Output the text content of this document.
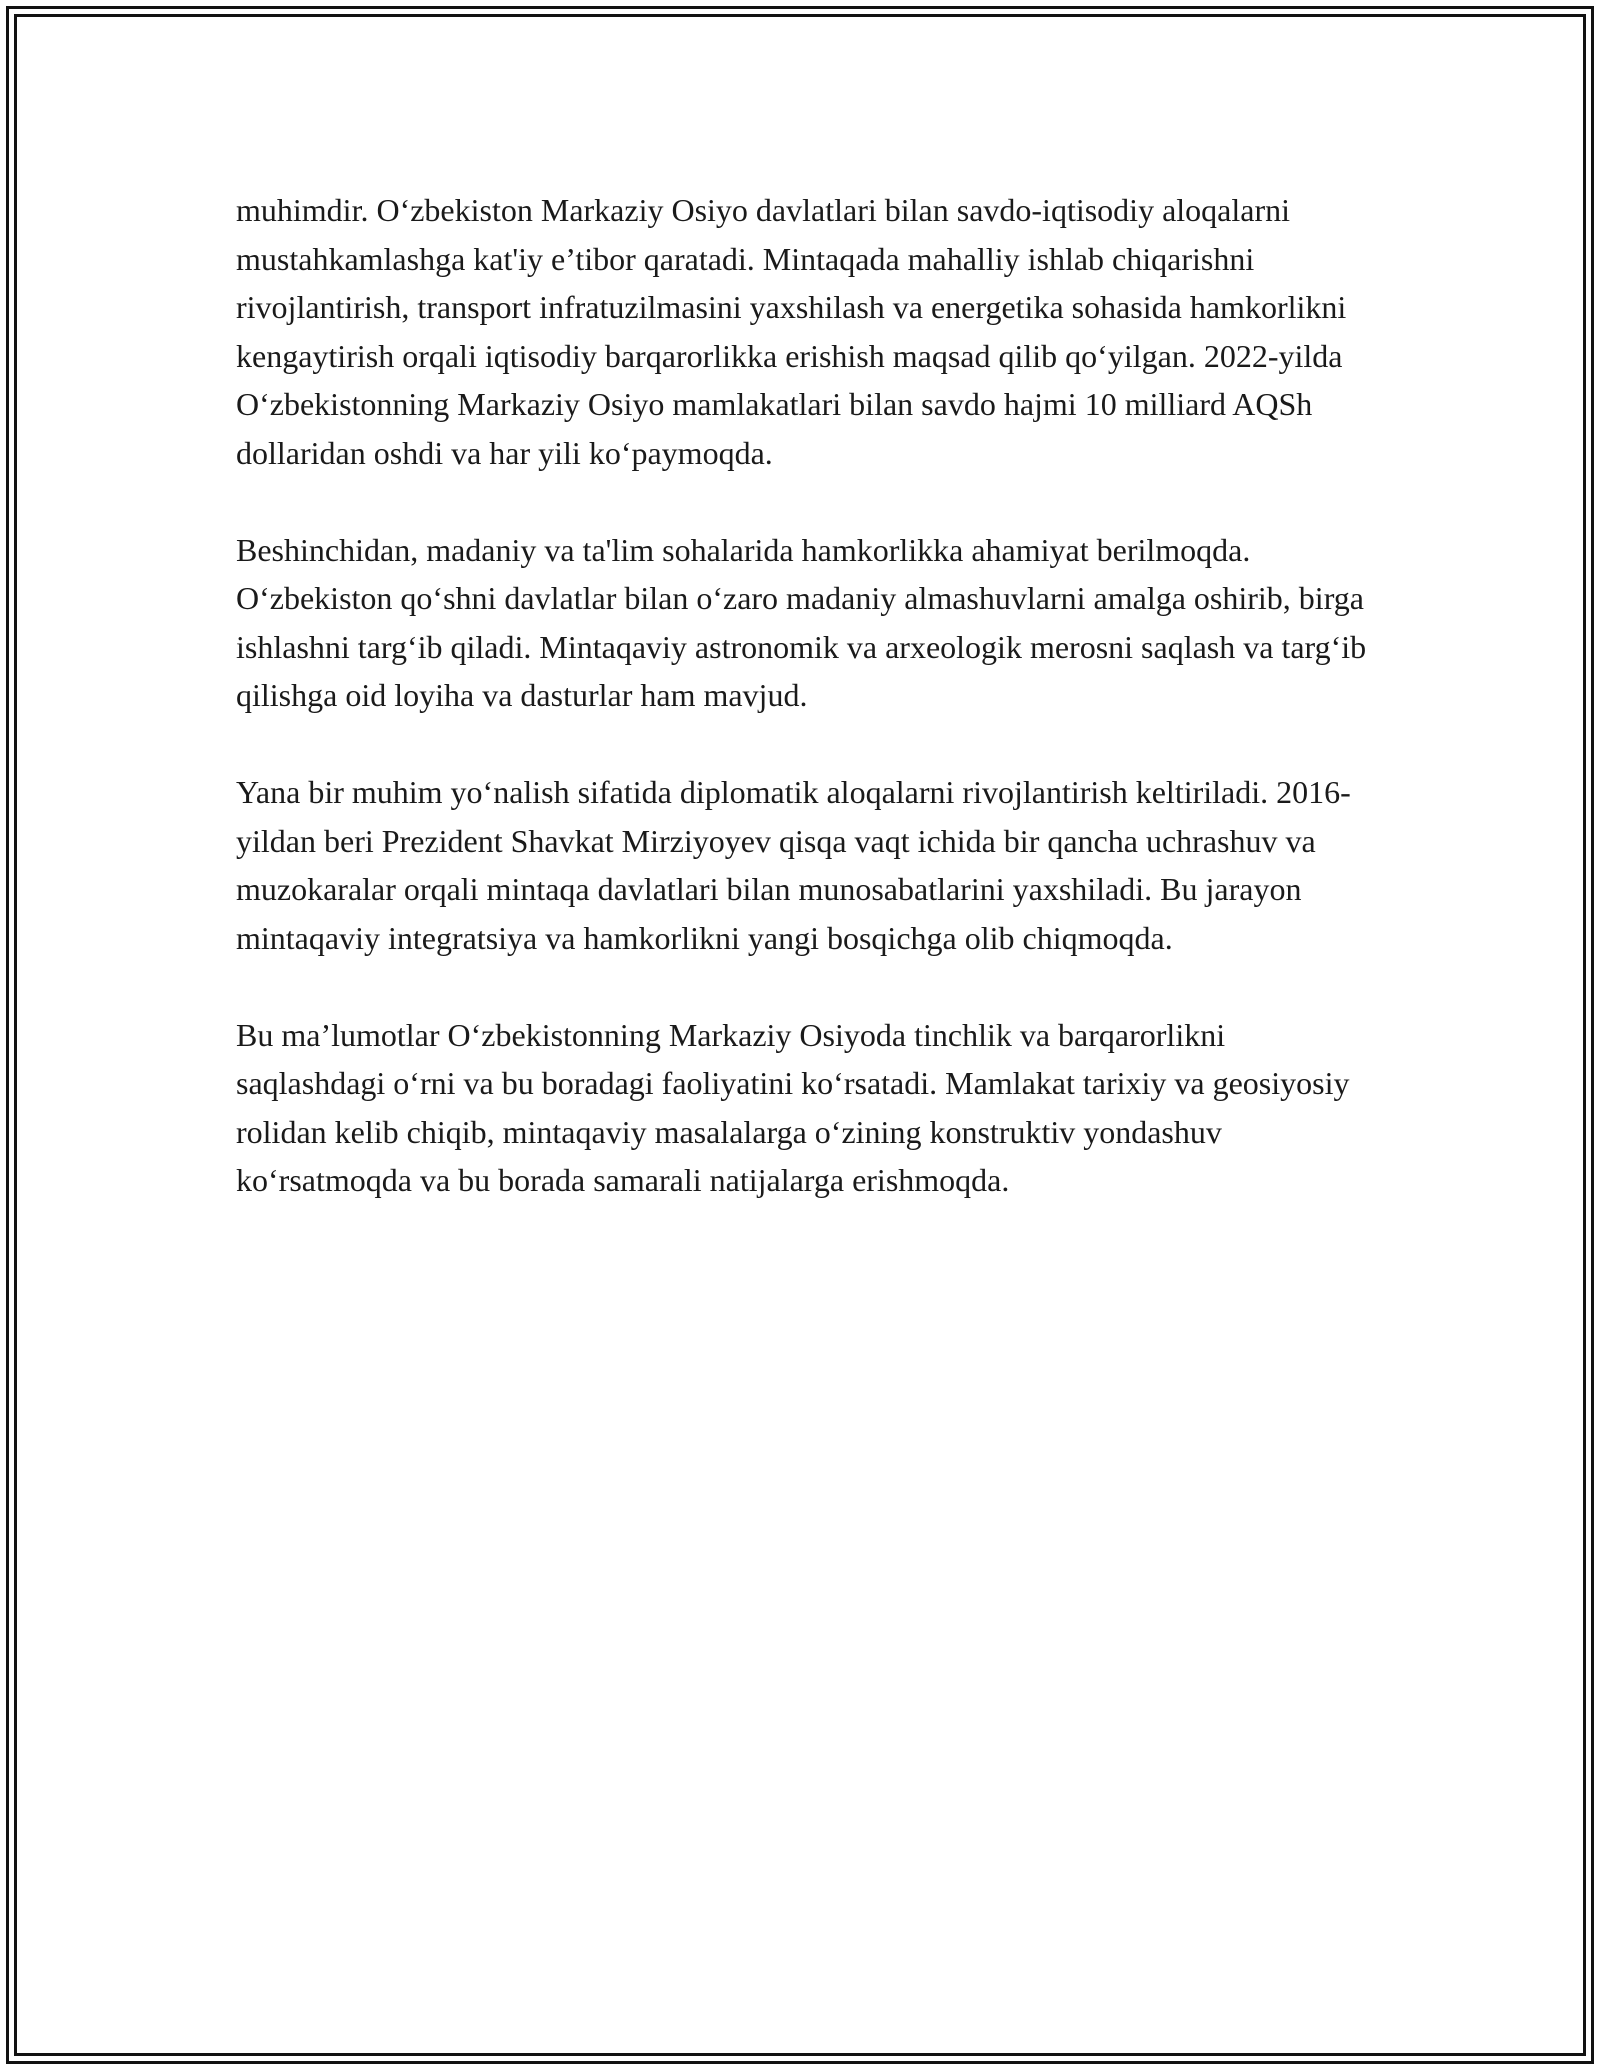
muhimdir. O‘zbekiston Markaziy Osiyo davlatlari bilan savdo-iqtisodiy aloqalarni mustahkamlashga kat'iy e’tibor qaratadi. Mintaqada mahalliy ishlab chiqarishni rivojlantirish, transport infratuzilmasini yaxshilash va energetika sohasida hamkorlikni kengaytirish orqali iqtisodiy barqarorlikka erishish maqsad qilib qo‘yilgan. 2022-yilda O‘zbekistonning Markaziy Osiyo mamlakatlari bilan savdo hajmi 10 milliard AQSh dollaridan oshdi va har yili ko‘paymoqda.

Beshinchidan, madaniy va ta'lim sohalarida hamkorlikka ahamiyat berilmoqda. O‘zbekiston qo‘shni davlatlar bilan o‘zaro madaniy almashuvlarni amalga oshirib, birga ishlashni targ‘ib qiladi. Mintaqaviy astronomik va arxeologik merosni saqlash va targ‘ib qilishga oid loyiha va dasturlar ham mavjud.

Yana bir muhim yo‘nalish sifatida diplomatik aloqalarni rivojlantirish keltiriladi. 2016-yildan beri Prezident Shavkat Mirziyoyev qisqa vaqt ichida bir qancha uchrashuv va muzokaralar orqali mintaqa davlatlari bilan munosabatlarini yaxshiladi. Bu jarayon mintaqaviy integratsiya va hamkorlikni yangi bosqichga olib chiqmoqda.

Bu ma’lumotlar O‘zbekistonning Markaziy Osiyoda tinchlik va barqarorlikni saqlashdagi o‘rni va bu boradagi faoliyatini ko‘rsatadi. Mamlakat tarixiy va geosiyosiy rolidan kelib chiqib, mintaqaviy masalalarga o‘zining konstruktiv yondashuv ko‘rsatmoqda va bu borada samarali natijalarga erishmoqda.
